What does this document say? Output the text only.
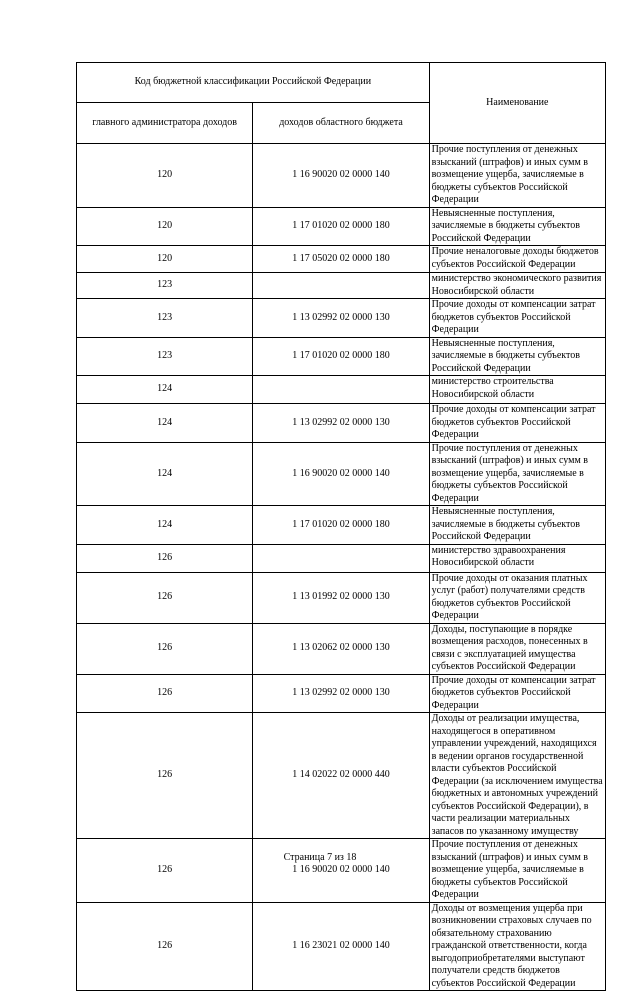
Код бюджетной классификации Российской Федерации		Наименование
главного администратора доходов	доходов областного бюджета	
120	1 16 90020 02 0000 140	Прочие поступления от денежных взысканий (штрафов) и иных сумм в возмещение ущерба, зачисляемые в бюджеты субъектов Российской Федерации
120	1 17 01020 02 0000 180	Невыясненные поступления, зачисляемые в бюджеты субъектов Российской Федерации
120	1 17 05020 02 0000 180	Прочие неналоговые доходы бюджетов субъектов Российской Федерации
123		министерство экономического развития Новосибирской области
123	1 13 02992 02 0000 130	Прочие доходы от компенсации затрат бюджетов субъектов Российской Федерации
123	1 17 01020 02 0000 180	Невыясненные поступления, зачисляемые в бюджеты субъектов Российской Федерации
124		министерство строительства Новосибирской области
124	1 13 02992 02 0000 130	Прочие доходы от компенсации затрат бюджетов субъектов Российской Федерации
124	1 16 90020 02 0000 140	Прочие поступления от денежных взысканий (штрафов) и иных сумм в возмещение ущерба, зачисляемые в бюджеты субъектов Российской Федерации
124	1 17 01020 02 0000 180	Невыясненные поступления, зачисляемые в бюджеты субъектов Российской Федерации
126		министерство здравоохранения Новосибирской области
126	1 13 01992 02 0000 130	Прочие доходы от оказания платных услуг (работ) получателями средств бюджетов субъектов Российской Федерации
126	1 13 02062 02 0000 130	Доходы, поступающие в порядке возмещения расходов, понесенных в связи с эксплуатацией имущества субъектов Российской Федерации
126	1 13 02992 02 0000 130	Прочие доходы от компенсации затрат бюджетов субъектов Российской Федерации
126	1 14 02022 02 0000 440	Доходы от реализации имущества, находящегося в оперативном управлении учреждений, находящихся в ведении органов государственной власти субъектов Российской Федерации (за исключением имущества бюджетных и автономных учреждений субъектов Российской Федерации), в части реализации материальных запасов по указанному имуществу
126	1 16 90020 02 0000 140	Прочие поступления от денежных взысканий (штрафов) и иных сумм в возмещение ущерба, зачисляемые в бюджеты субъектов Российской Федерации
126	1 16 23021 02 0000 140	Доходы от возмещения ущерба при возникновении страховых случаев по обязательному страхованию гражданской ответственности, когда выгодоприобретателями выступают получатели средств бюджетов субъектов Российской Федерации
Страница 7 из 18
